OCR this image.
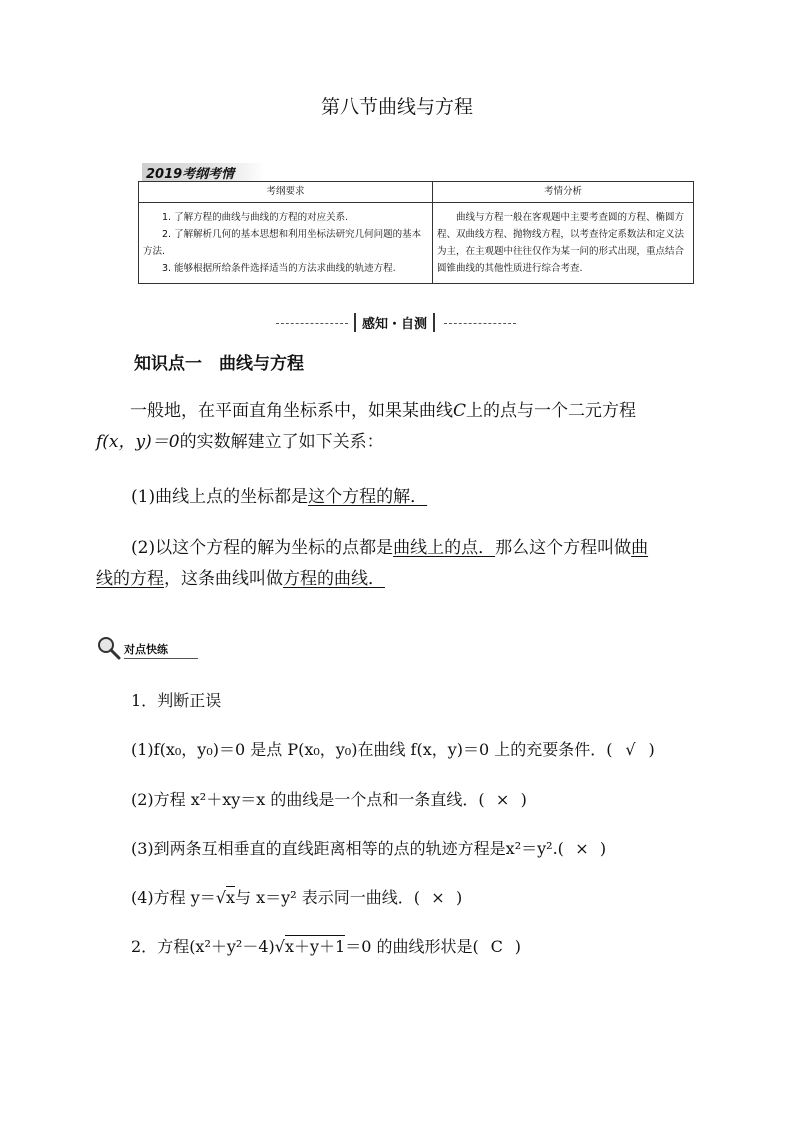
第八节曲线与方程
2019考纲考情
考纲要求	考情分析

1. 了解方程的曲线与曲线的方程的对应关系.

2. 了解解析几何的基本思想和利用坐标法研究几何问题的基本方法.

3. 能够根据所给条件选择适当的方法求曲线的轨迹方程.	曲线与方程一般在客观题中主要考查圆的方程、椭圆方程、双曲线方程、抛物线方程，以考查待定系数法和定义法为主，在主观题中往往仅作为某一问的形式出现，重点结合圆锥曲线的其他性质进行综合考查.

感知・自测
知识点一　曲线与方程
一般地，在平面直角坐标系中，如果某曲线C上的点与一个二元方程
f(x，y)＝0的实数解建立了如下关系：
(1)曲线上点的坐标都是这个方程的解．
(2)以这个方程的解为坐标的点都是曲线上的点．那么这个方程叫做曲
线的方程，这条曲线叫做方程的曲线．
对点快练
1．判断正误
(1)f(x₀，y₀)＝0 是点 P(x₀，y₀)在曲线 f(x，y)＝0 上的充要条件．( √ )
(2)方程 x²＋xy＝x 的曲线是一个点和一条直线．( × )
(3)到两条互相垂直的直线距离相等的点的轨迹方程是x²＝y².( × )
(4)方程 y＝√x与 x＝y² 表示同一曲线．( × )
2．方程(x²＋y²－4)√x＋y＋1＝0 的曲线形状是( C )
